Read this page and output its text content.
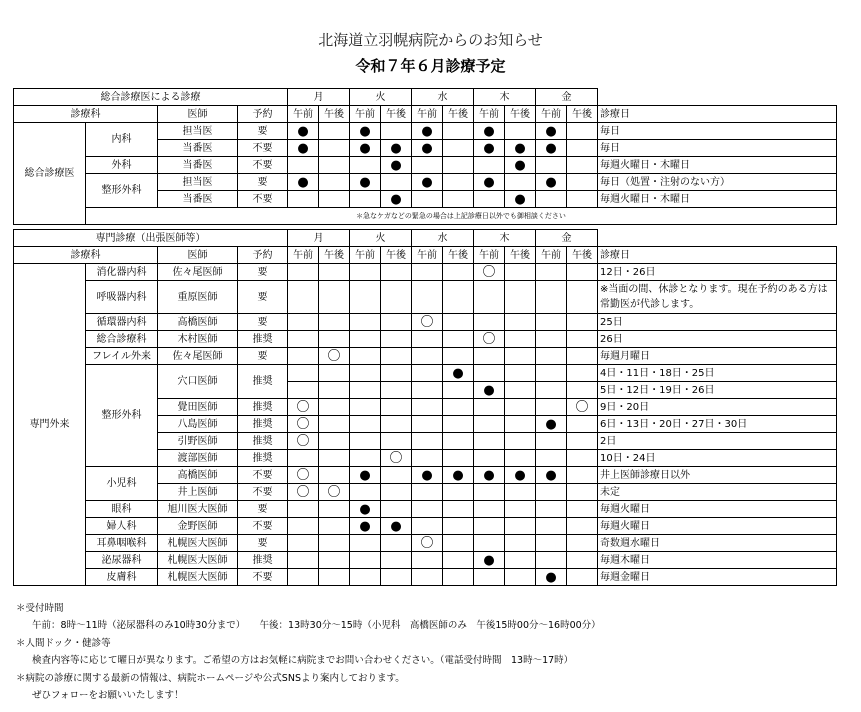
北海道立羽幌病院からのお知らせ
令和７年６月診療予定
総合診療医による診療				月		火		水		木		金		
診療科		医師	予約	午前	午後	午前	午後	午前	午後	午前	午後	午前	午後	診療日
総合診療医	内科	担当医	要	●		●		●		●		●		毎日
		当番医	不要	●		●	●	●		●	●	●		毎日
	外科	当番医	不要				●				●			毎週火曜日・木曜日
	整形外科	担当医	要	●		●		●		●		●		毎日（処置・注射のない方）
		当番医	不要				●				●			毎週火曜日・木曜日
	＊急なケガなどの緊急の場合は上記診療日以外でも御相談ください													
専門診療（出張医師等）				月		火		水		木		金		
診療科		医師	予約	午前	午後	午前	午後	午前	午後	午前	午後	午前	午後	診療日
専門外来	消化器内科	佐々尾医師	要							〇				12日・26日
	呼吸器内科	重原医師	要											※当面の間、休診となります。現在予約のある方は常勤医が代診します。
	循環器内科	高橋医師	要					〇						25日
	総合診療科	木村医師	推奨							〇				26日
	フレイル外来	佐々尾医師	要		〇									毎週月曜日
	整形外科	穴口医師	推奨						●					4日・11日・18日・25日
										●				5日・12日・19日・26日
		覺田医師	推奨	〇									〇	9日・20日
		八島医師	推奨	〇								●		6日・13日・20日・27日・30日
		引野医師	推奨	〇										2日
		渡部医師	推奨				〇							10日・24日
	小児科	高橋医師	不要	〇		●		●	●	●	●	●		井上医師診療日以外
		井上医師	不要	〇	〇									未定
	眼科	旭川医大医師	要			●								毎週火曜日
	婦人科	金野医師	不要			●	●							毎週火曜日
	耳鼻咽喉科	札幌医大医師	要					〇						奇数週水曜日
	泌尿器科	札幌医大医師	推奨							●				毎週木曜日
	皮膚科	札幌医大医師	不要									●		毎週金曜日
＊受付時間
午前：8時～11時（泌尿器科のみ10時30分まで）　　午後：13時30分～15時（小児科　高橋医師のみ　午後15時00分～16時00分）
＊人間ドック・健診等
検査内容等に応じて曜日が異なります。ご希望の方はお気軽に病院までお問い合わせください。（電話受付時間　13時～17時）
＊病院の診療に関する最新の情報は、病院ホームページや公式SNSより案内しております。
ぜひフォローをお願いいたします！
